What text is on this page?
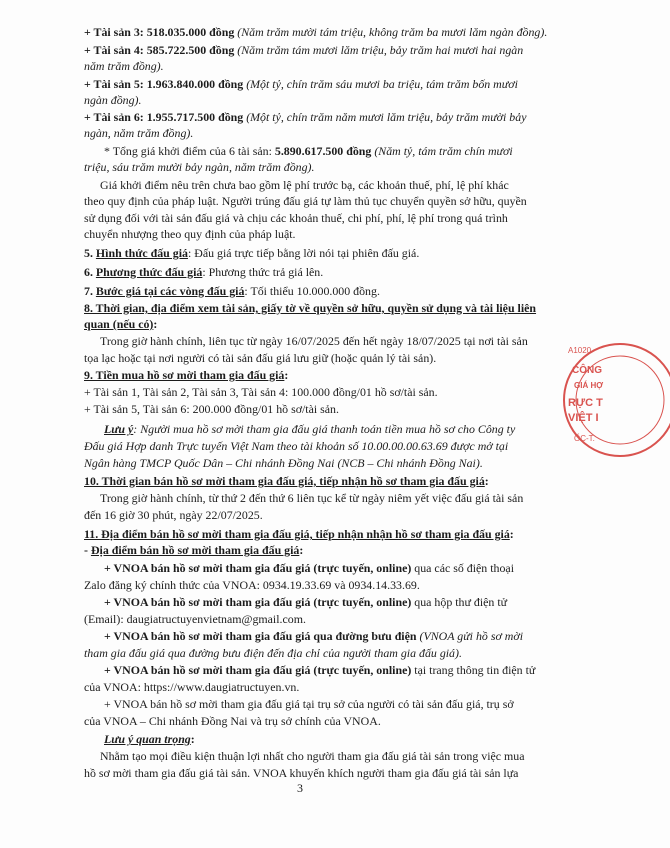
+ Tài sản 3: 518.035.000 đồng (Năm trăm mười tám triệu, không trăm ba mươi lăm ngàn đồng).
+ Tài sản 4: 585.722.500 đồng (Năm trăm tám mươi lăm triệu, bảy trăm hai mươi hai ngàn
năm trăm đồng).
+ Tài sản 5: 1.963.840.000 đồng (Một tỷ, chín trăm sáu mươi ba triệu, tám trăm bốn mươi
ngàn đồng).
+ Tài sản 6: 1.955.717.500 đồng (Một tỷ, chín trăm năm mươi lăm triệu, bảy trăm mười bảy
ngàn, năm trăm đồng).
* Tổng giá khởi điểm của 6 tài sản: 5.890.617.500 đồng (Năm tỷ, tám trăm chín mươi
triệu, sáu trăm mười bảy ngàn, năm trăm đồng).
Giá khởi điểm nêu trên chưa bao gồm lệ phí trước bạ, các khoản thuế, phí, lệ phí khác
theo quy định của pháp luật. Người trúng đấu giá tự làm thủ tục chuyển quyền sở hữu, quyền
sử dụng đối với tài sản đấu giá và chịu các khoản thuế, chi phí, phí, lệ phí trong quá trình
chuyển nhượng theo quy định của pháp luật.
5. Hình thức đấu giá: Đấu giá trực tiếp bằng lời nói tại phiên đấu giá.
6. Phương thức đấu giá: Phương thức trả giá lên.
7. Bước giá tại các vòng đấu giá: Tối thiểu 10.000.000 đồng.
8. Thời gian, địa điểm xem tài sản, giấy tờ về quyền sở hữu, quyền sử dụng và tài liệu liên
quan (nếu có):
Trong giờ hành chính, liên tục từ ngày 16/07/2025 đến hết ngày 18/07/2025 tại nơi tài sản
tọa lạc hoặc tại nơi người có tài sản đấu giá lưu giữ (hoặc quản lý tài sản).
9. Tiền mua hồ sơ mời tham gia đấu giá:
+ Tài sản 1, Tài sản 2, Tài sản 3, Tài sản 4: 100.000 đồng/01 hồ sơ/tài sản.
+ Tài sản 5, Tài sản 6: 200.000 đồng/01 hồ sơ/tài sản.
Lưu ý: Người mua hồ sơ mời tham gia đấu giá thanh toán tiền mua hồ sơ cho Công ty
Đấu giá Hợp danh Trực tuyến Việt Nam theo tài khoản số 10.00.00.00.63.69 được mở tại
Ngân hàng TMCP Quốc Dân – Chi nhánh Đồng Nai (NCB – Chi nhánh Đồng Nai).
10. Thời gian bán hồ sơ mời tham gia đấu giá, tiếp nhận hồ sơ tham gia đấu giá:
Trong giờ hành chính, từ thứ 2 đến thứ 6 liên tục kể từ ngày niêm yết việc đấu giá tài sản
đến 16 giờ 30 phút, ngày 22/07/2025.
11. Địa điểm bán hồ sơ mời tham gia đấu giá, tiếp nhận nhận hồ sơ tham gia đấu giá:
- Địa điểm bán hồ sơ mời tham gia đấu giá:
+ VNOA bán hồ sơ mời tham gia đấu giá (trực tuyến, online) qua các số điện thoại
Zalo đăng ký chính thức của VNOA: 0934.19.33.69 và 0934.14.33.69.
+ VNOA bán hồ sơ mời tham gia đấu giá (trực tuyến, online) qua hộp thư điện tử
(Email): daugiatructuyenvietnam@gmail.com.
+ VNOA bán hồ sơ mời tham gia đấu giá qua đường bưu điện (VNOA gửi hồ sơ mời
tham gia đấu giá qua đường bưu điện đến địa chỉ của người tham gia đấu giá).
+ VNOA bán hồ sơ mời tham gia đấu giá (trực tuyến, online) tại trang thông tin điện tử
của VNOA: https://www.daugiatructuyen.vn.
+ VNOA bán hồ sơ mời tham gia đấu giá tại trụ sở của người có tài sản đấu giá, trụ sở
của VNOA – Chi nhánh Đồng Nai và trụ sở chính của VNOA.
Lưu ý quan trọng:
Nhằm tạo mọi điều kiện thuận lợi nhất cho người tham gia đấu giá tài sản trong việc mua
hồ sơ mời tham gia đấu giá tài sản. VNOA khuyến khích người tham gia đấu giá tài sản lựa
3
A1020
CÔNG
GIÁ HỢ
RỰC T
VIỆT I
ỐC-T.
